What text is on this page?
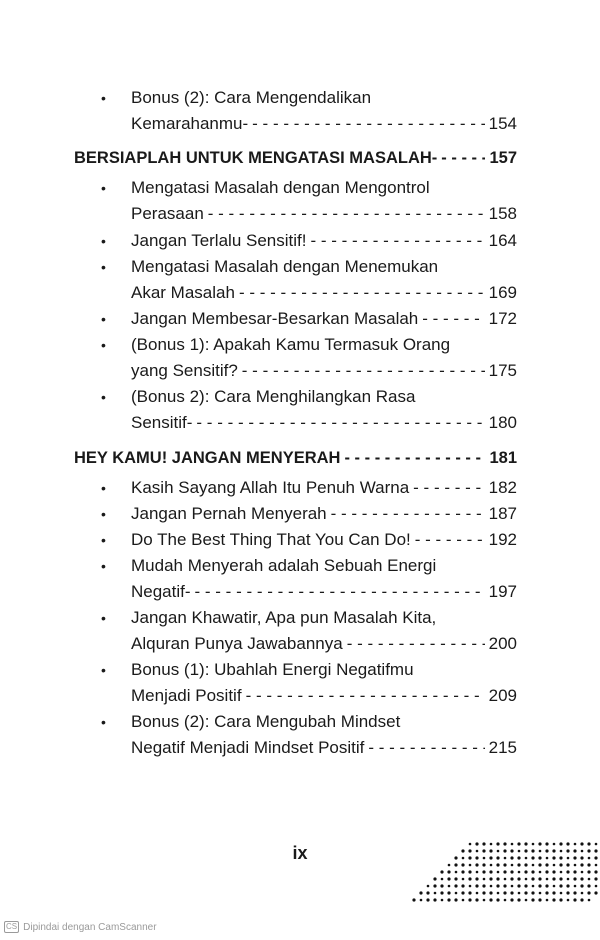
• Bonus (2): Cara Mengendalikan
Kemarahanmu- - - -	154
BERSIAPLAH UNTUK MENGATASI MASALAH- - - -	157
• Mengatasi Masalah dengan Mengontrol
Perasaan - - -	158
• Jangan Terlalu Sensitif! - - -	164
• Mengatasi Masalah dengan Menemukan
Akar Masalah - - -	169
• Jangan Membesar-Besarkan Masalah - - -	172
• (Bonus 1): Apakah Kamu Termasuk Orang
yang Sensitif? - - -	175
• (Bonus 2): Cara Menghilangkan Rasa
Sensitif- - - -	180
HEY KAMU! JANGAN MENYERAH - - -	181
• Kasih Sayang Allah Itu Penuh Warna - - -	182
• Jangan Pernah Menyerah - - -	187
• Do The Best Thing That You Can Do! - - -	192
• Mudah Menyerah adalah Sebuah Energi
Negatif- - - -	197
• Jangan Khawatir, Apa pun Masalah Kita,
Alquran Punya Jawabannya - - -	200
• Bonus (1): Ubahlah Energi Negatifmu
Menjadi Positif - - -	209
• Bonus (2): Cara Mengubah Mindset
Negatif Menjadi Mindset Positif - - -	215
ix
CS Dipindai dengan CamScanner
